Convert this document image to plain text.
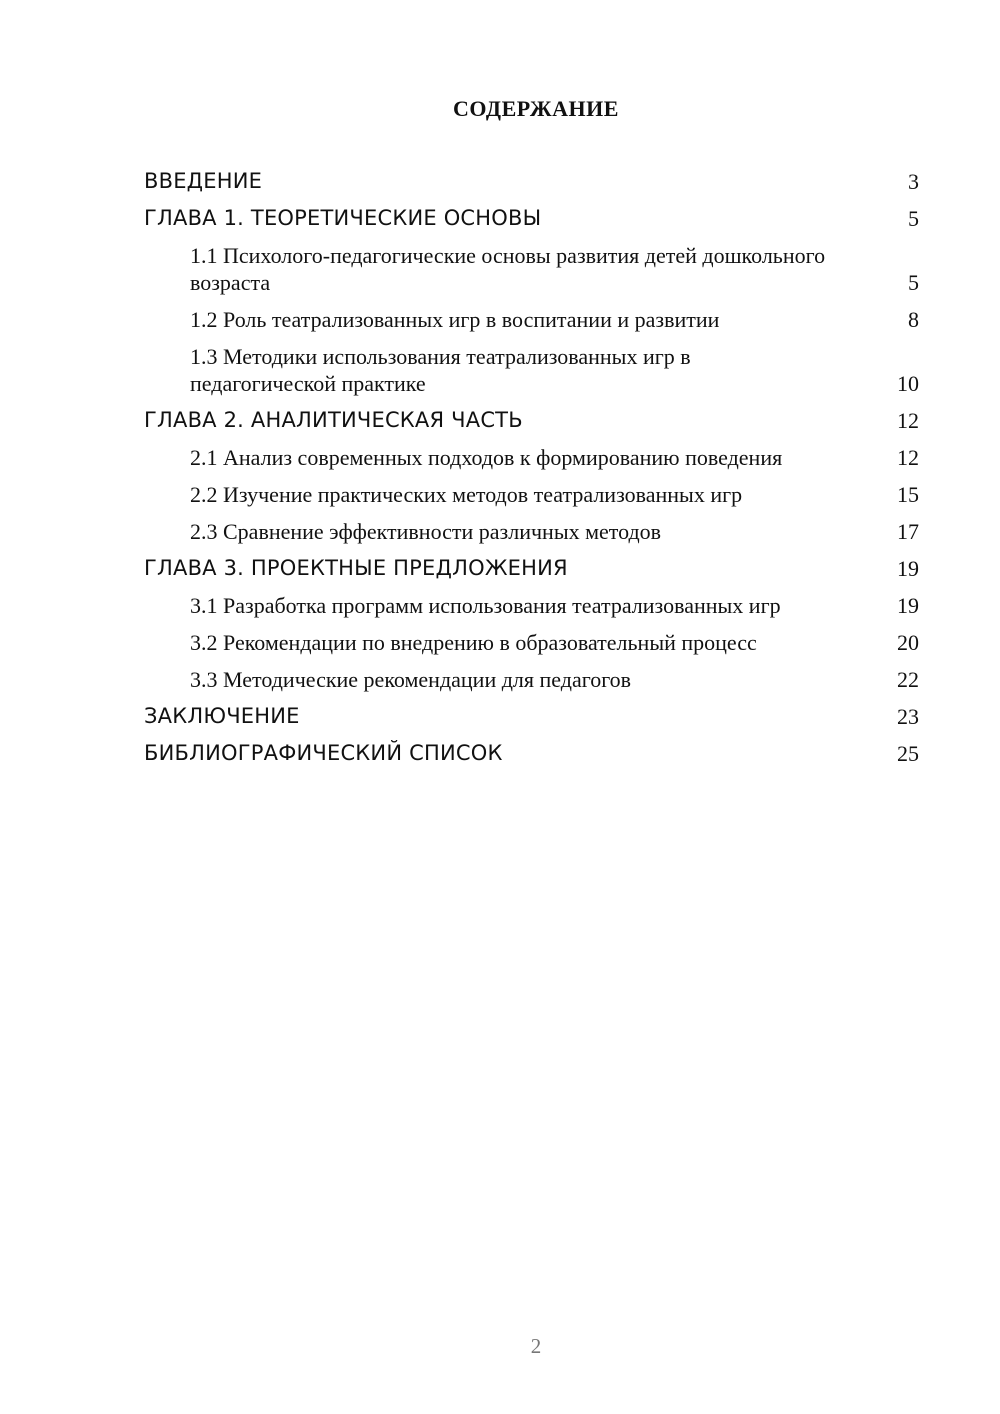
СОДЕРЖАНИЕ
ВВЕДЕНИЕ	3
ГЛАВА 1. ТЕОРЕТИЧЕСКИЕ ОСНОВЫ	5
1.1 Психолого-педагогические основы развития детей дошкольного возраста	5
1.2 Роль театрализованных игр в воспитании и развитии	8
1.3 Методики использования театрализованных игр в педагогической практике	10
ГЛАВА 2. АНАЛИТИЧЕСКАЯ ЧАСТЬ	12
2.1 Анализ современных подходов к формированию поведения	12
2.2 Изучение практических методов театрализованных игр	15
2.3 Сравнение эффективности различных методов	17
ГЛАВА 3. ПРОЕКТНЫЕ ПРЕДЛОЖЕНИЯ	19
3.1 Разработка программ использования театрализованных игр	19
3.2 Рекомендации по внедрению в образовательный процесс	20
3.3 Методические рекомендации для педагогов	22
ЗАКЛЮЧЕНИЕ	23
БИБЛИОГРАФИЧЕСКИЙ СПИСОК	25
2
